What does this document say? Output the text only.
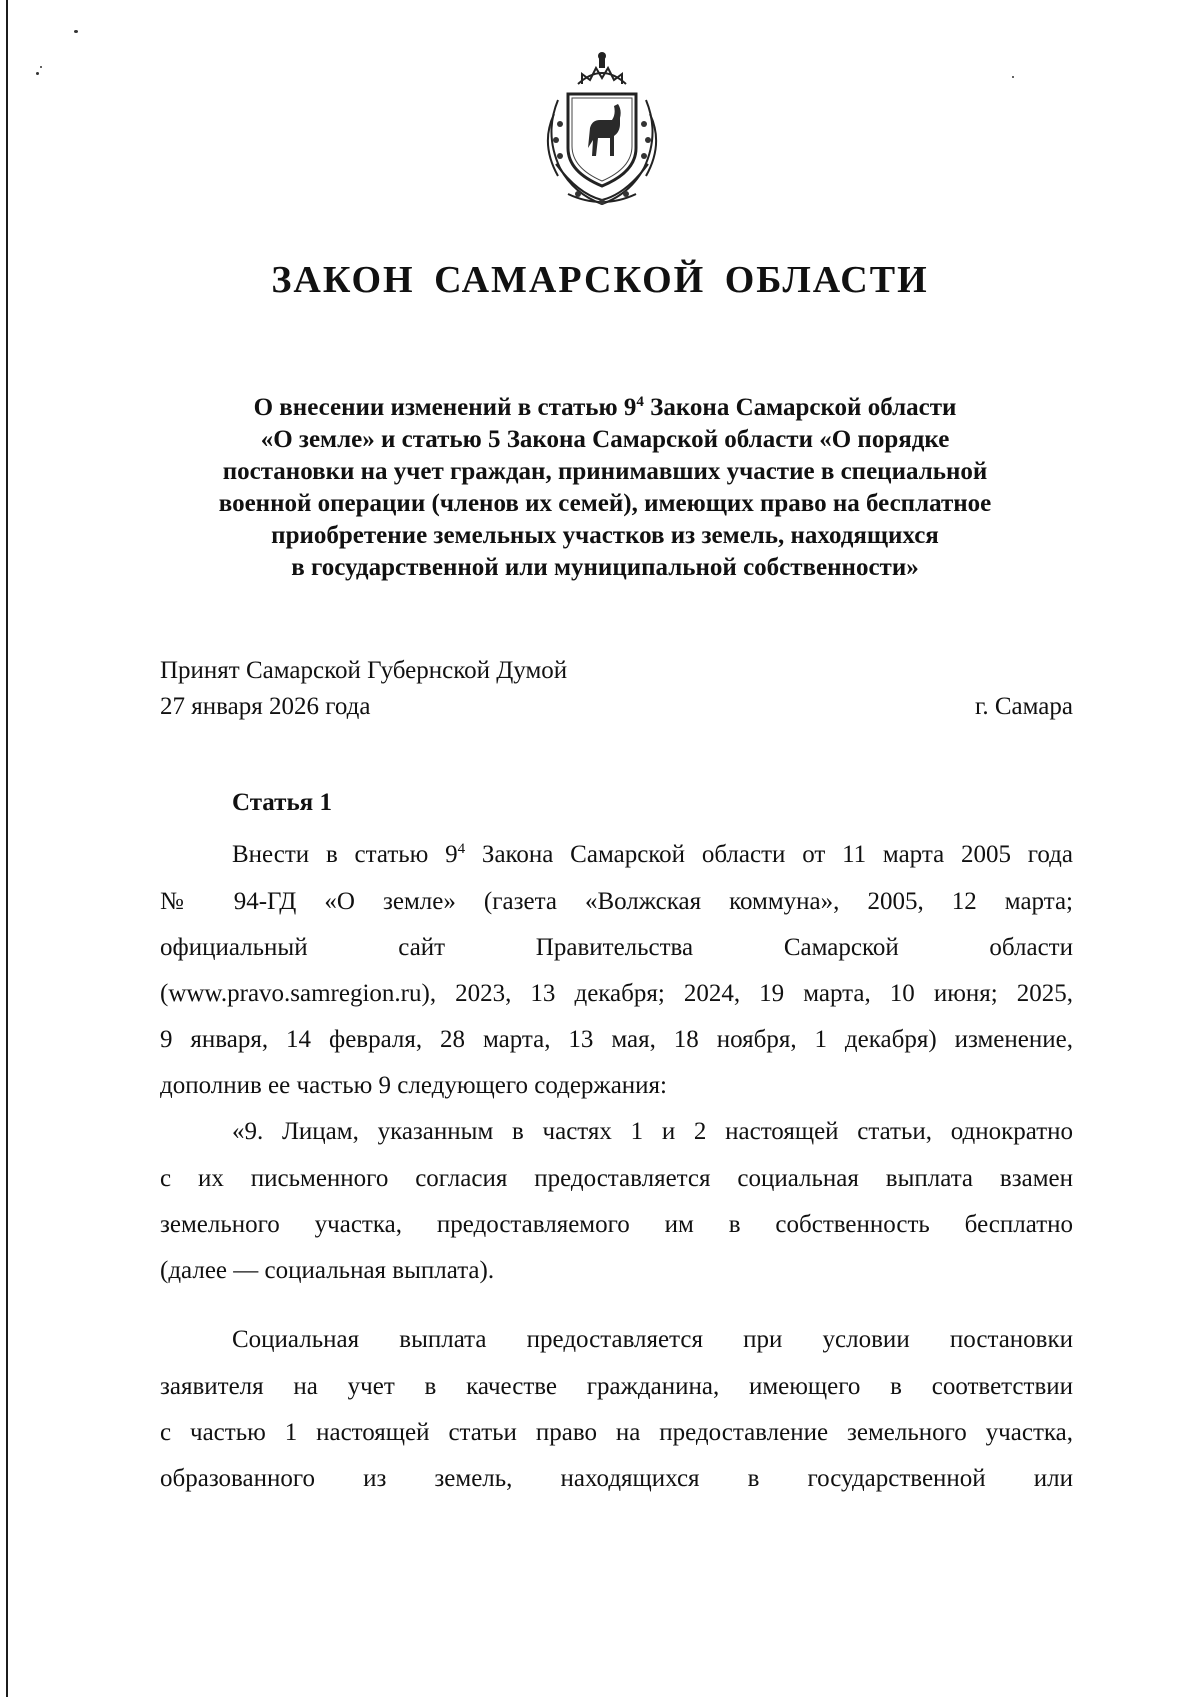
ЗАКОН САМАРСКОЙ ОБЛАСТИ
О внесении изменений в статью $9^4$ Закона Самарской области
«О земле» и статью 5 Закона Самарской области «О порядке
постановки на учет граждан, принимавших участие в специальной
военной операции (членов их семей), имеющих право на бесплатное
приобретение земельных участков из земель, находящихся
в государственной или муниципальной собственности»
Принят Самарской Губернской Думой
27 января 2026 года	г. Самара
Статья 1
Внести в статью $9^4$ Закона Самарской области от 11 марта 2005 года
№ 94-ГД «О земле» (газета «Волжская коммуна», 2005, 12 марта;
официальный сайт Правительства Самарской области
(www.pravo.samregion.ru), 2023, 13 декабря; 2024, 19 марта, 10 июня; 2025,
9 января, 14 февраля, 28 марта, 13 мая, 18 ноября, 1 декабря) изменение,
дополнив ее частью 9 следующего содержания:
«9. Лицам, указанным в частях 1 и 2 настоящей статьи, однократно
с их письменного согласия предоставляется социальная выплата взамен
земельного участка, предоставляемого им в собственность бесплатно
(далее — социальная выплата).
Социальная выплата предоставляется при условии постановки
заявителя на учет в качестве гражданина, имеющего в соответствии
с частью 1 настоящей статьи право на предоставление земельного участка,
образованного из земель, находящихся в государственной или
